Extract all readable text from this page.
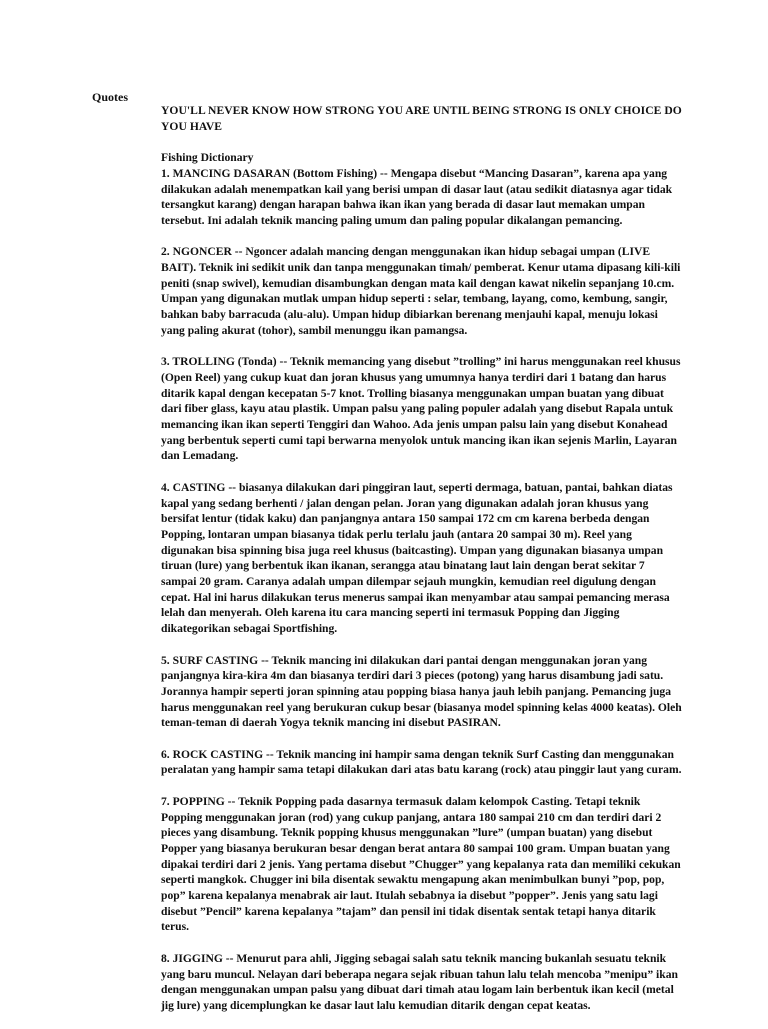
Quotes

YOU'LL NEVER KNOW HOW STRONG YOU ARE UNTIL BEING STRONG IS ONLY CHOICE DO YOU HAVE

Fishing Dictionary

1. MANCING DASARAN (Bottom Fishing) -- Mengapa disebut “Mancing Dasaran”, karena apa yang dilakukan adalah menempatkan kail yang berisi umpan di dasar laut (atau sedikit diatasnya agar tidak tersangkut karang) dengan harapan bahwa ikan ikan yang berada di dasar laut memakan umpan tersebut. Ini adalah teknik mancing paling umum dan paling popular dikalangan pemancing.

2. NGONCER -- Ngoncer adalah mancing dengan menggunakan ikan hidup sebagai umpan (LIVE BAIT). Teknik ini sedikit unik dan tanpa menggunakan timah/ pemberat. Kenur utama dipasang kili-kili peniti (snap swivel), kemudian disambungkan dengan mata kail dengan kawat nikelin sepanjang 10.cm. Umpan yang digunakan mutlak umpan hidup seperti : selar, tembang, layang, como, kembung, sangir, bahkan baby barracuda (alu-alu). Umpan hidup dibiarkan berenang menjauhi kapal, menuju lokasi yang paling akurat (tohor), sambil menunggu ikan pamangsa.

3. TROLLING (Tonda) -- Teknik memancing yang disebut ”trolling” ini harus menggunakan reel khusus (Open Reel) yang cukup kuat dan joran khusus yang umumnya hanya terdiri dari 1 batang dan harus ditarik kapal dengan kecepatan 5-7 knot. Trolling biasanya menggunakan umpan buatan yang dibuat dari fiber glass, kayu atau plastik. Umpan palsu yang paling populer adalah yang disebut Rapala untuk memancing ikan ikan seperti Tenggiri dan Wahoo. Ada jenis umpan palsu lain yang disebut Konahead yang berbentuk seperti cumi tapi berwarna menyolok untuk mancing ikan ikan sejenis Marlin, Layaran dan Lemadang.

4. CASTING -- biasanya dilakukan dari pinggiran laut, seperti dermaga, batuan, pantai, bahkan diatas kapal yang sedang berhenti / jalan dengan pelan. Joran yang digunakan adalah joran khusus yang bersifat lentur (tidak kaku) dan panjangnya antara 150 sampai 172 cm cm karena berbeda dengan Popping, lontaran umpan biasanya tidak perlu terlalu jauh (antara 20 sampai 30 m). Reel yang digunakan bisa spinning bisa juga reel khusus (baitcasting). Umpan yang digunakan biasanya umpan tiruan (lure) yang berbentuk ikan ikanan, serangga atau binatang laut lain dengan berat sekitar 7 sampai 20 gram. Caranya adalah umpan dilempar sejauh mungkin, kemudian reel digulung dengan cepat. Hal ini harus dilakukan terus menerus sampai ikan menyambar atau sampai pemancing merasa lelah dan menyerah. Oleh karena itu cara mancing seperti ini termasuk Popping dan Jigging dikategorikan sebagai Sportfishing.

5. SURF CASTING -- Teknik mancing ini dilakukan dari pantai dengan menggunakan joran yang panjangnya kira-kira 4m dan biasanya terdiri dari 3 pieces (potong) yang harus disambung jadi satu. Jorannya hampir seperti joran spinning atau popping biasa hanya jauh lebih panjang. Pemancing juga harus menggunakan reel yang berukuran cukup besar (biasanya model spinning kelas 4000 keatas). Oleh teman-teman di daerah Yogya teknik mancing ini disebut PASIRAN.

6. ROCK CASTING -- Teknik mancing ini hampir sama dengan teknik Surf Casting dan menggunakan peralatan yang hampir sama tetapi dilakukan dari atas batu karang (rock) atau pinggir laut yang curam.

7. POPPING -- Teknik Popping pada dasarnya termasuk dalam kelompok Casting. Tetapi teknik Popping menggunakan joran (rod) yang cukup panjang, antara 180 sampai 210 cm dan terdiri dari 2 pieces yang disambung. Teknik popping khusus menggunakan ”lure” (umpan buatan) yang disebut Popper yang biasanya berukuran besar dengan berat antara 80 sampai 100 gram. Umpan buatan yang dipakai terdiri dari 2 jenis. Yang pertama disebut ”Chugger” yang kepalanya rata dan memiliki cekukan seperti mangkok. Chugger ini bila disentak sewaktu mengapung akan menimbulkan bunyi ”pop, pop, pop” karena kepalanya menabrak air laut. Itulah sebabnya ia disebut ”popper”. Jenis yang satu lagi disebut ”Pencil” karena kepalanya ”tajam” dan pensil ini tidak disentak sentak tetapi hanya ditarik terus.

8. JIGGING -- Menurut para ahli, Jigging sebagai salah satu teknik mancing bukanlah sesuatu teknik yang baru muncul. Nelayan dari beberapa negara sejak ribuan tahun lalu telah mencoba ”menipu” ikan dengan menggunakan umpan palsu yang dibuat dari timah atau logam lain berbentuk ikan kecil (metal jig lure) yang dicemplungkan ke dasar laut lalu kemudian ditarik dengan cepat keatas.
